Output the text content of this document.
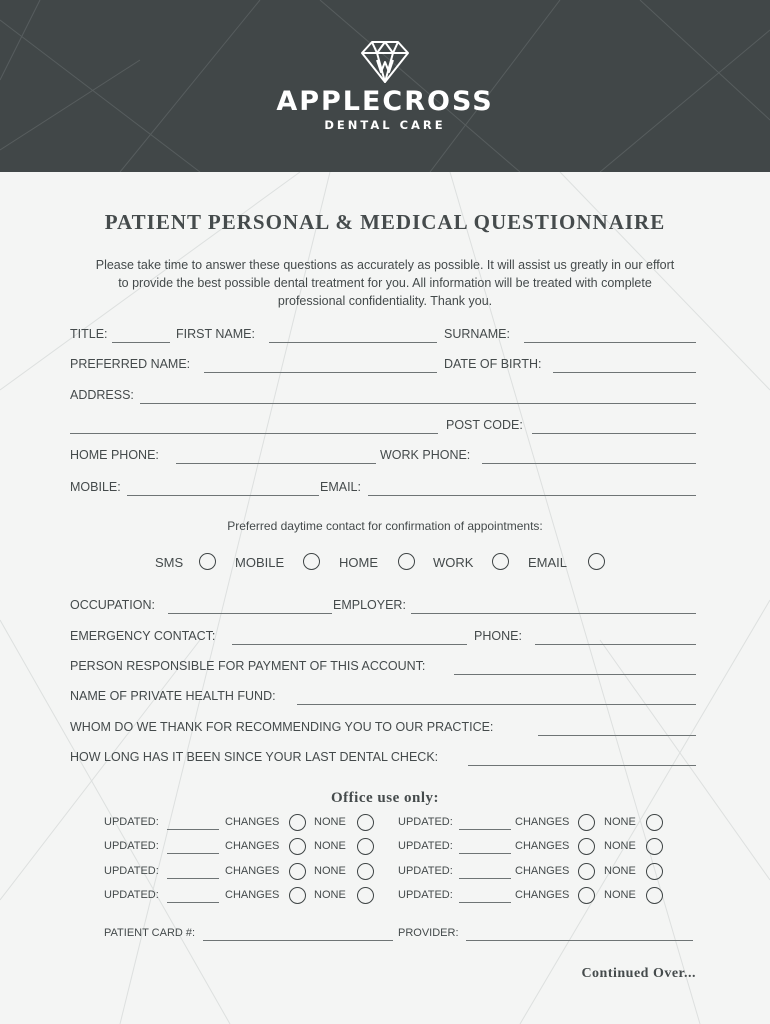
APPLECROSS
DENTAL CARE
PATIENT PERSONAL & MEDICAL QUESTIONNAIRE
Please take time to answer these questions as accurately as possible. It will assist us greatly in our effort
to provide the best possible dental treatment for you. All information will be treated with complete
professional confidentiality. Thank you.
TITLE:	FIRST NAME:	SURNAME:
PREFERRED NAME:	DATE OF BIRTH:
ADDRESS:
POST CODE:
HOME PHONE:	WORK PHONE:
MOBILE:	EMAIL:
Preferred daytime contact for confirmation of appointments:
SMS	MOBILE	HOME	WORK	EMAIL
OCCUPATION:	EMPLOYER:
EMERGENCY CONTACT:	PHONE:
PERSON RESPONSIBLE FOR PAYMENT OF THIS ACCOUNT:
NAME OF PRIVATE HEALTH FUND:
WHOM DO WE THANK FOR RECOMMENDING YOU TO OUR PRACTICE:
HOW LONG HAS IT BEEN SINCE YOUR LAST DENTAL CHECK:
Office use only:
UPDATED:	CHANGES	NONE	UPDATED:	CHANGES	NONE
UPDATED:	CHANGES	NONE	UPDATED:	CHANGES	NONE
UPDATED:	CHANGES	NONE	UPDATED:	CHANGES	NONE
UPDATED:	CHANGES	NONE	UPDATED:	CHANGES	NONE
PATIENT CARD #:	PROVIDER:
Continued Over...
